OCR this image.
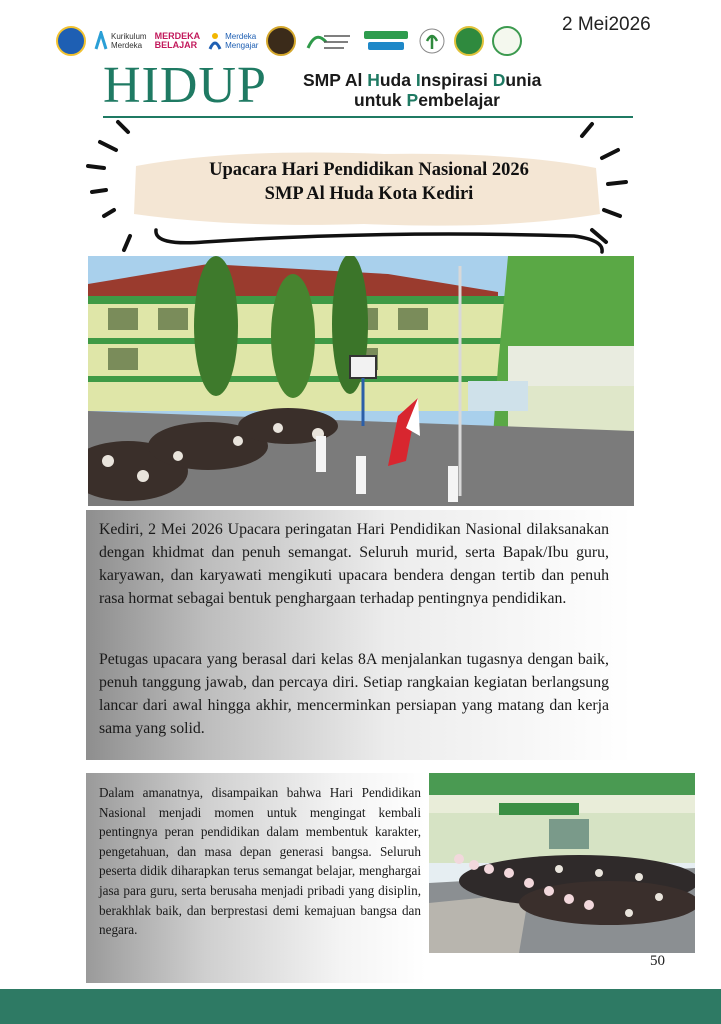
Kurikulum
Merdeka
MERDEKA
BELAJAR
Merdeka
Mengajar
2 Mei2026
HIDUP SMP Al Huda Inspirasi Dunia
untuk Pembelajar
Upacara Hari Pendidikan Nasional 2026
SMP Al Huda Kota Kediri

Kediri, 2 Mei 2026 Upacara peringatan Hari Pendidikan Nasional dilaksanakan dengan khidmat dan penuh semangat. Seluruh murid, serta Bapak/Ibu guru, karyawan, dan karyawati mengikuti upacara bendera dengan tertib dan penuh rasa hormat sebagai bentuk penghargaan terhadap pentingnya pendidikan.

Petugas upacara yang berasal dari kelas 8A menjalankan tugasnya dengan baik, penuh tanggung jawab, dan percaya diri. Setiap rangkaian kegiatan berlangsung lancar dari awal hingga akhir, mencerminkan persiapan yang matang dan kerja sama yang solid.

Dalam amanatnya, disampaikan bahwa Hari Pendidikan Nasional menjadi momen untuk mengingat kembali pentingnya peran pendidikan dalam membentuk karakter, pengetahuan, dan masa depan generasi bangsa. Seluruh peserta didik diharapkan terus semangat belajar, menghargai jasa para guru, serta berusaha menjadi pribadi yang disiplin, berakhlak baik, dan berprestasi demi kemajuan bangsa dan negara.

50
